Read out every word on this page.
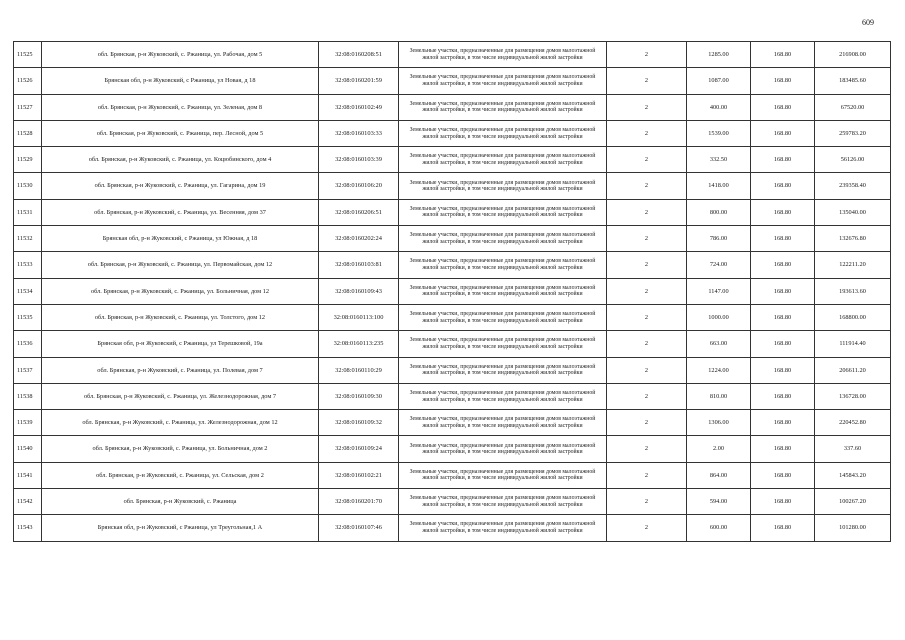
609
11525	обл. Брянская, р-н Жуковский, с. Ржаница, ул. Рабочая, дом 5	32:08:0160208:51	Земельные участки, предназначенные для размещения домов малоэтажной жилой застройки, в том числе индивидуальной жилой застройки	2	1285.00	168.80	216908.00
11526	Брянская обл, р-н Жуковский, с Ржаница, ул Новая, д 18	32:08:0160201:59	Земельные участки, предназначенные для размещения домов малоэтажной жилой застройки, в том числе индивидуальной жилой застройки	2	1087.00	168.80	183485.60
11527	обл. Брянская, р-н Жуковский, с. Ржаница, ул. Зеленая, дом 8	32:08:0160102:49	Земельные участки, предназначенные для размещения домов малоэтажной жилой застройки, в том числе индивидуальной жилой застройки	2	400.00	168.80	67520.00
11528	обл. Брянская, р-н Жуковский, с. Ржаница, пер. Лесной, дом 5	32:08:0160103:33	Земельные участки, предназначенные для размещения домов малоэтажной жилой застройки, в том числе индивидуальной жилой застройки	2	1539.00	168.80	259783.20
11529	обл. Брянская, р-н Жуковский, с. Ржаница, ул. Коцюбинского, дом 4	32:08:0160103:39	Земельные участки, предназначенные для размещения домов малоэтажной жилой застройки, в том числе индивидуальной жилой застройки	2	332.50	168.80	56126.00
11530	обл. Брянская, р-н Жуковский, с. Ржаница, ул. Гагарина, дом 19	32:08:0160106:20	Земельные участки, предназначенные для размещения домов малоэтажной жилой застройки, в том числе индивидуальной жилой застройки	2	1418.00	168.80	239358.40
11531	обл. Брянская, р-н Жуковский, с. Ржаница, ул. Весенняя, дом 37	32:08:0160206:51	Земельные участки, предназначенные для размещения домов малоэтажной жилой застройки, в том числе индивидуальной жилой застройки	2	800.00	168.80	135040.00
11532	Брянская обл, р-н Жуковский, с Ржаница, ул Южная, д 18	32:08:0160202:24	Земельные участки, предназначенные для размещения домов малоэтажной жилой застройки, в том числе индивидуальной жилой застройки	2	786.00	168.80	132676.80
11533	обл. Брянская, р-н Жуковский, с. Ржаница, ул. Первомайская, дом 12	32:08:0160103:81	Земельные участки, предназначенные для размещения домов малоэтажной жилой застройки, в том числе индивидуальной жилой застройки	2	724.00	168.80	122211.20
11534	обл. Брянская, р-н Жуковский, с. Ржаница, ул. Больничная, дом 12	32:08:0160109:43	Земельные участки, предназначенные для размещения домов малоэтажной жилой застройки, в том числе индивидуальной жилой застройки	2	1147.00	168.80	193613.60
11535	обл. Брянская, р-н Жуковский, с. Ржаница, ул. Толстого, дом 12	32:08:0160113:100	Земельные участки, предназначенные для размещения домов малоэтажной жилой застройки, в том числе индивидуальной жилой застройки	2	1000.00	168.80	168800.00
11536	Брянская обл, р-н Жуковский, с Ржаница, ул Терешковой, 19а	32:08:0160113:235	Земельные участки, предназначенные для размещения домов малоэтажной жилой застройки, в том числе индивидуальной жилой застройки	2	663.00	168.80	111914.40
11537	обл. Брянская, р-н Жуковский, с. Ржаница, ул. Полевая, дом 7	32:08:0160110:29	Земельные участки, предназначенные для размещения домов малоэтажной жилой застройки, в том числе индивидуальной жилой застройки	2	1224.00	168.80	206611.20
11538	обл. Брянская, р-н Жуковский, с. Ржаница, ул. Железнодорожная, дом 7	32:08:0160109:30	Земельные участки, предназначенные для размещения домов малоэтажной жилой застройки, в том числе индивидуальной жилой застройки	2	810.00	168.80	136728.00
11539	обл. Брянская, р-н Жуковский, с. Ржаница, ул. Железнодорожная, дом 12	32:08:0160109:32	Земельные участки, предназначенные для размещения домов малоэтажной жилой застройки, в том числе индивидуальной жилой застройки	2	1306.00	168.80	220452.80
11540	обл. Брянская, р-н Жуковский, с. Ржаница, ул. Больничная, дом 2	32:08:0160109:24	Земельные участки, предназначенные для размещения домов малоэтажной жилой застройки, в том числе индивидуальной жилой застройки	2	2.00	168.80	337.60
11541	обл. Брянская, р-н Жуковский, с. Ржаница, ул. Сельская, дом 2	32:08:0160102:21	Земельные участки, предназначенные для размещения домов малоэтажной жилой застройки, в том числе индивидуальной жилой застройки	2	864.00	168.80	145843.20
11542	обл. Брянская, р-н Жуковский, с. Ржаница	32:08:0160201:70	Земельные участки, предназначенные для размещения домов малоэтажной жилой застройки, в том числе индивидуальной жилой застройки	2	594.00	168.80	100267.20
11543	Брянская обл, р-н Жуковский, с Ржаница, ул Треугольная,1 А	32:08:0160107:46	Земельные участки, предназначенные для размещения домов малоэтажной жилой застройки, в том числе индивидуальной жилой застройки	2	600.00	168.80	101280.00
